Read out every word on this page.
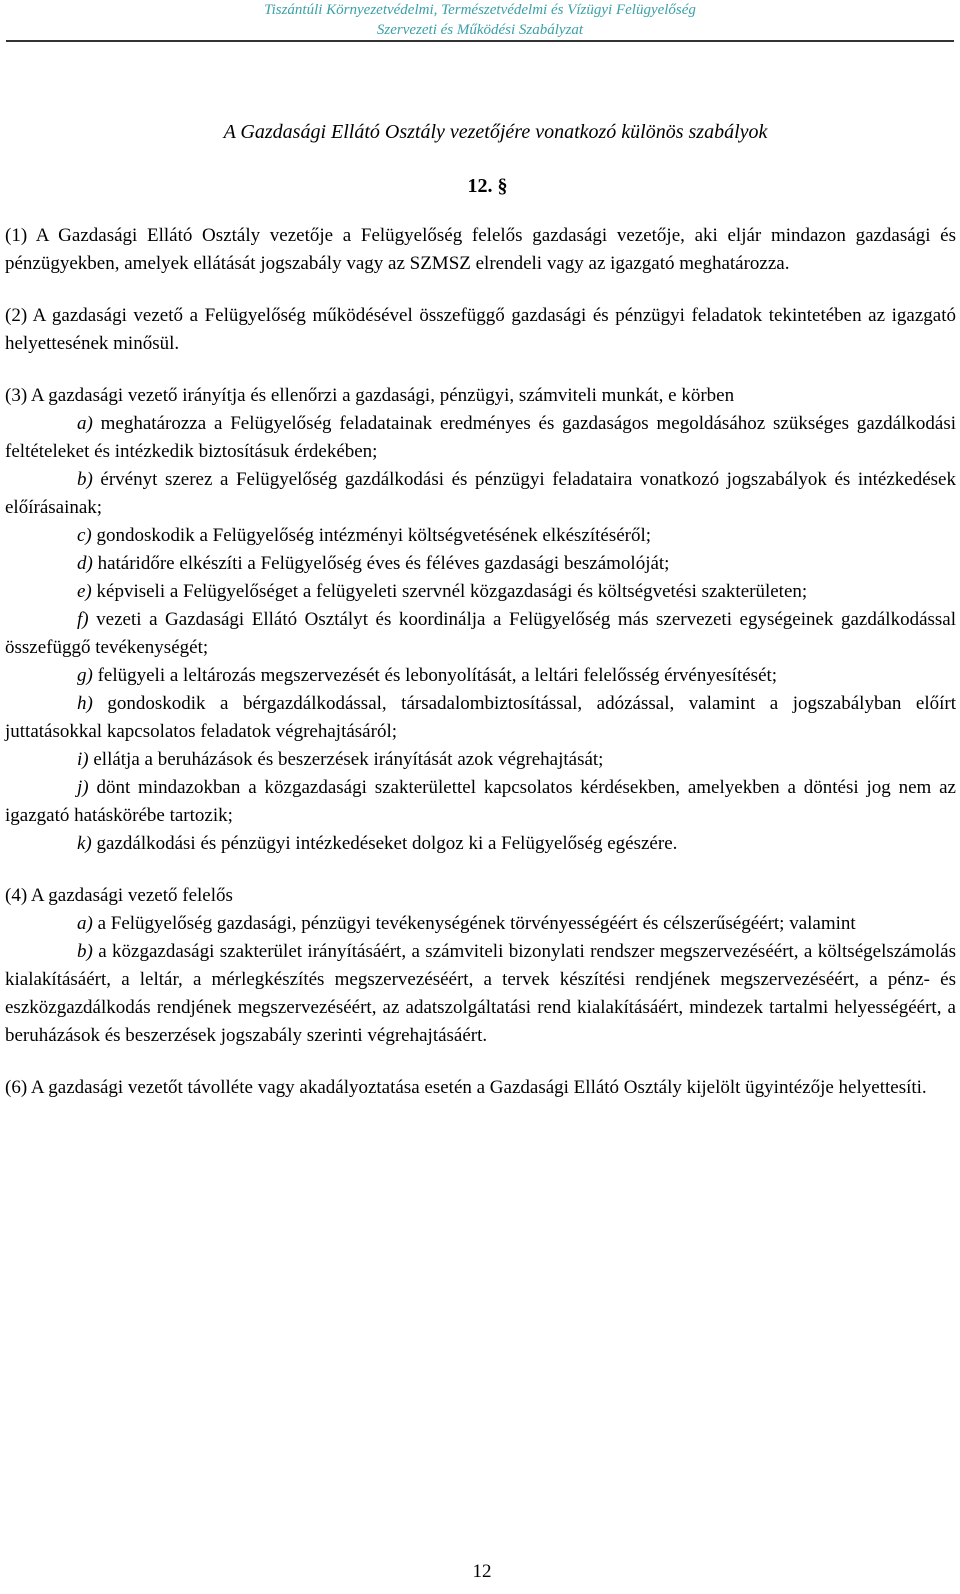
Tiszántúli Környezetvédelmi, Természetvédelmi és Vízügyi Felügyelőség
Szervezeti és Működési Szabályzat
A Gazdasági Ellátó Osztály vezetőjére vonatkozó különös szabályok
12. §

(1) A Gazdasági Ellátó Osztály vezetője a Felügyelőség felelős gazdasági vezetője, aki eljár mindazon gazdasági és pénzügyekben, amelyek ellátását jogszabály vagy az SZMSZ elrendeli vagy az igazgató meghatározza.

(2) A gazdasági vezető a Felügyelőség működésével összefüggő gazdasági és pénzügyi feladatok tekintetében az igazgató helyettesének minősül.

(3) A gazdasági vezető irányítja és ellenőrzi a gazdasági, pénzügyi, számviteli munkát, e körben

a) meghatározza a Felügyelőség feladatainak eredményes és gazdaságos megoldásához szükséges gazdálkodási feltételeket és intézkedik biztosításuk érdekében;

b) érvényt szerez a Felügyelőség gazdálkodási és pénzügyi feladataira vonatkozó jogszabályok és intézkedések előírásainak;

c) gondoskodik a Felügyelőség intézményi költségvetésének elkészítéséről;

d) határidőre elkészíti a Felügyelőség éves és féléves gazdasági beszámolóját;

e) képviseli a Felügyelőséget a felügyeleti szervnél közgazdasági és költségvetési szakterületen;

f) vezeti a Gazdasági Ellátó Osztályt és koordinálja a Felügyelőség más szervezeti egységeinek gazdálkodással összefüggő tevékenységét;

g) felügyeli a leltározás megszervezését és lebonyolítását, a leltári felelősség érvényesítését;

h) gondoskodik a bérgazdálkodással, társadalombiztosítással, adózással, valamint a jogszabályban előírt juttatásokkal kapcsolatos feladatok végrehajtásáról;

i) ellátja a beruházások és beszerzések irányítását azok végrehajtását;

j) dönt mindazokban a közgazdasági szakterülettel kapcsolatos kérdésekben, amelyekben a döntési jog nem az igazgató hatáskörébe tartozik;

k) gazdálkodási és pénzügyi intézkedéseket dolgoz ki a Felügyelőség egészére.

(4) A gazdasági vezető felelős

a) a Felügyelőség gazdasági, pénzügyi tevékenységének törvényességéért és célszerűségéért; valamint

b) a közgazdasági szakterület irányításáért, a számviteli bizonylati rendszer megszervezéséért, a költségelszámolás kialakításáért, a leltár, a mérlegkészítés megszervezéséért, a tervek készítési rendjének megszervezéséért, a pénz- és eszközgazdálkodás rendjének megszervezéséért, az adatszolgáltatási rend kialakításáért, mindezek tartalmi helyességéért, a beruházások és beszerzések jogszabály szerinti végrehajtásáért.

(6) A gazdasági vezetőt távolléte vagy akadályoztatása esetén a Gazdasági Ellátó Osztály kijelölt ügyintézője helyettesíti.

12
